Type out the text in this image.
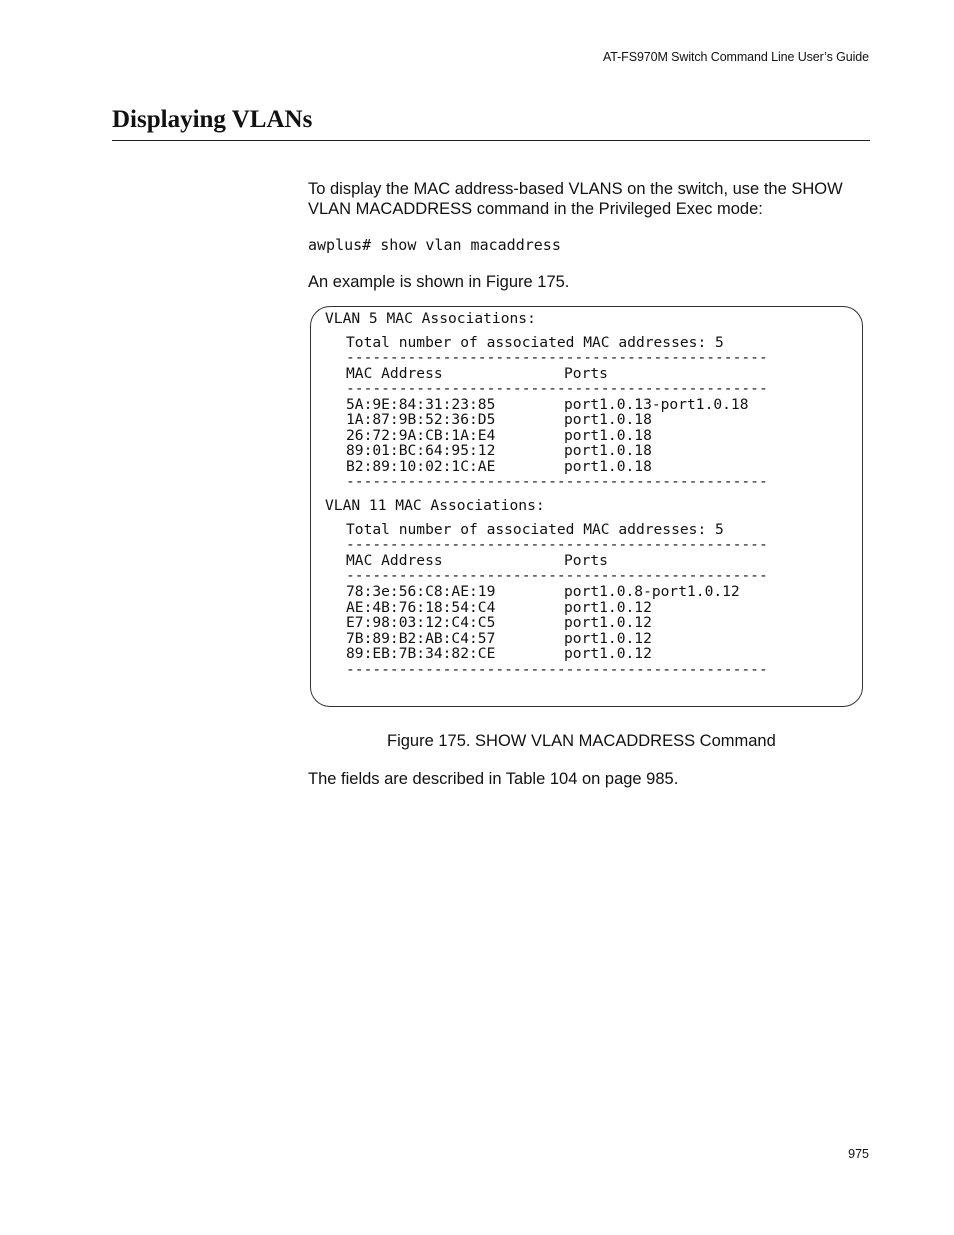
AT-FS970M Switch Command Line User’s Guide
Displaying VLANs

To display the MAC address-based VLANS on the switch, use the SHOW VLAN MACADDRESS command in the Privileged Exec mode:

awplus# show vlan macaddress

An example is shown in Figure 175.

VLAN 5 MAC Associations:
Total number of associated MAC addresses: 5
------------------------------------------------
MAC Address	Ports
------------------------------------------------
5A:9E:84:31:23:85	port1.0.13-port1.0.18
1A:87:9B:52:36:D5	port1.0.18
26:72:9A:CB:1A:E4	port1.0.18
89:01:BC:64:95:12	port1.0.18
B2:89:10:02:1C:AE	port1.0.18
------------------------------------------------
VLAN 11 MAC Associations:
Total number of associated MAC addresses: 5
------------------------------------------------
MAC Address	Ports
------------------------------------------------
78:3e:56:C8:AE:19	port1.0.8-port1.0.12
AE:4B:76:18:54:C4	port1.0.12
E7:98:03:12:C4:C5	port1.0.12
7B:89:B2:AB:C4:57	port1.0.12
89:EB:7B:34:82:CE	port1.0.12
------------------------------------------------

Figure 175. SHOW VLAN MACADDRESS Command

The fields are described in Table 104 on page 985.

975
